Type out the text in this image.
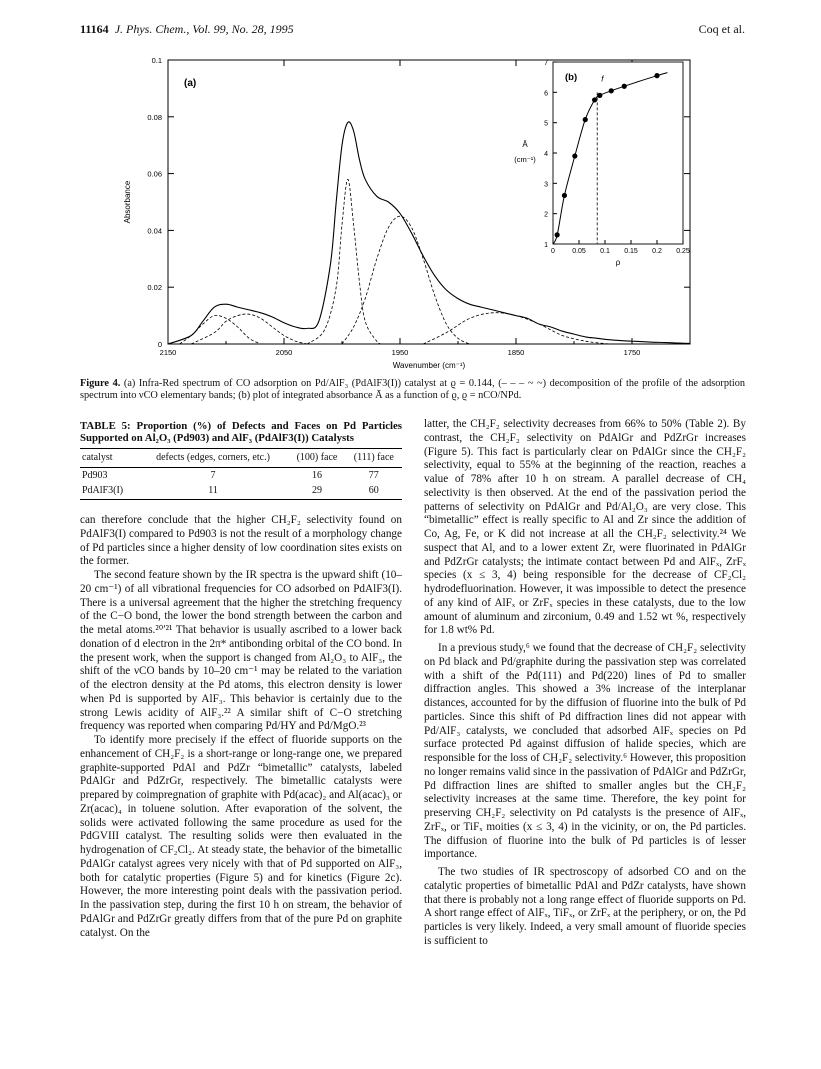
11164 J. Phys. Chem., Vol. 99, No. 28, 1995	Coq et al.
0
0.02
0.04
0.06
0.08
0.1
2150	2050	1950	1850	1750
(a)
Wavenumber (cm⁻¹)
Absorbance
1
2
3
4
5
6
7
0 0.05 0.1 0.15 0.2 0.25
(b)
Ā
(cm⁻¹)
ρ
f
Figure 4. (a) Infra-Red spectrum of CO adsorption on Pd/AlF₃ (PdAlF3(I)) catalyst at ϱ = 0.144, (– – – ~ ~) decomposition of the profile of the adsorption spectrum into νCO elementary bands; (b) plot of integrated absorbance Ā as a function of ϱ, ϱ = nCO/NPd.
TABLE 5: Proportion (%) of Defects and Faces on Pd Particles Supported on Al₂O₃ (Pd903) and AlF₃ (PdAlF3(I)) Catalysts
catalyst	defects (edges, corners, etc.)	(100) face	(111) face
Pd903	7	16	77
PdAlF3(I)	11	29	60

can therefore conclude that the higher CH₂F₂ selectivity found on PdAlF3(I) compared to Pd903 is not the result of a morphology change of Pd particles since a higher density of low coordination sites exists on the former.

The second feature shown by the IR spectra is the upward shift (10–20 cm⁻¹) of all vibrational frequencies for CO adsorbed on PdAlF3(I). There is a universal agreement that the higher the stretching frequency of the C−O bond, the lower the bond strength between the carbon and the metal atoms.²⁰ʹ²¹ That behavior is usually ascribed to a lower back donation of d electron in the 2π* antibonding orbital of the CO bond. In the present work, when the support is changed from Al₂O₃ to AlF₃, the shift of the νCO bands by 10–20 cm⁻¹ may be related to the variation of the electron density at the Pd atoms, this electron density is lower when Pd is supported by AlF₃. This behavior is certainly due to the strong Lewis acidity of AlF₃.²² A similar shift of C−O stretching frequency was reported when comparing Pd/HY and Pd/MgO.²³

To identify more precisely if the effect of fluoride supports on the enhancement of CH₂F₂ is a short-range or long-range one, we prepared graphite-supported PdAl and PdZr “bimetallic” catalysts, labeled PdAlGr and PdZrGr, respectively. The bimetallic catalysts were prepared by coimpregnation of graphite with Pd(acac)₂ and Al(acac)₃ or Zr(acac)₄ in toluene solution. After evaporation of the solvent, the solids were activated following the same procedure as used for the PdGVIII catalyst. The resulting solids were then evaluated in the hydrogenation of CF₂Cl₂. At steady state, the behavior of the bimetallic PdAlGr catalyst agrees very nicely with that of Pd supported on AlF₃, both for catalytic properties (Figure 5) and for kinetics (Figure 2c). However, the more interesting point deals with the passivation period. In the passivation step, during the first 10 h on stream, the behavior of PdAlGr and PdZrGr greatly differs from that of the pure Pd on graphite catalyst. On the

latter, the CH₂F₂ selectivity decreases from 66% to 50% (Table 2). By contrast, the CH₂F₂ selectivity on PdAlGr and PdZrGr increases (Figure 5). This fact is particularly clear on PdAlGr since the CH₂F₂ selectivity, equal to 55% at the beginning of the reaction, reaches a value of 78% after 10 h on stream. A parallel decrease of CH₄ selectivity is then observed. At the end of the passivation period the patterns of selectivity on PdAlGr and Pd/Al₂O₃ are very close. This “bimetallic” effect is really specific to Al and Zr since the addition of Co, Ag, Fe, or K did not increase at all the CH₂F₂ selectivity.²⁴ We suspect that Al, and to a lower extent Zr, were fluorinated in PdAlGr and PdZrGr catalysts; the intimate contact between Pd and AlFₓ, ZrFₓ species (x ≤ 3, 4) being responsible for the decrease of CF₂Cl₂ hydrodefluorination. However, it was impossible to detect the presence of any kind of AlFₓ or ZrFₓ species in these catalysts, due to the low amount of aluminum and zirconium, 0.49 and 1.52 wt %, respectively for 1.8 wt% Pd.

In a previous study,⁶ we found that the decrease of CH₂F₂ selectivity on Pd black and Pd/graphite during the passivation step was correlated with a shift of the Pd(111) and Pd(220) lines of Pd to smaller diffraction angles. This showed a 3% increase of the interplanar distances, accounted for by the diffusion of fluorine into the bulk of Pd particles. Since this shift of Pd diffraction lines did not appear with Pd/AlF₃ catalysts, we concluded that adsorbed AlFₓ species on Pd surface protected Pd against diffusion of halide species, which are responsible for the loss of CH₂F₂ selectivity.⁶ However, this proposition no longer remains valid since in the passivation of PdAlGr and PdZrGr, Pd diffraction lines are shifted to smaller angles but the CH₂F₂ selectivity increases at the same time. Therefore, the key point for preserving CH₂F₂ selectivity on Pd catalysts is the presence of AlFₓ, ZrFₓ, or TiFₓ moities (x ≤ 3, 4) in the vicinity, or on, the Pd particles. The diffusion of fluorine into the bulk of Pd particles is of lesser importance.

The two studies of IR spectroscopy of adsorbed CO and on the catalytic properties of bimetallic PdAl and PdZr catalysts, have shown that there is probably not a long range effect of fluoride supports on Pd. A short range effect of AlFₓ, TiFₓ, or ZrFₓ at the periphery, or on, the Pd particles is very likely. Indeed, a very small amount of fluoride species is sufficient to
